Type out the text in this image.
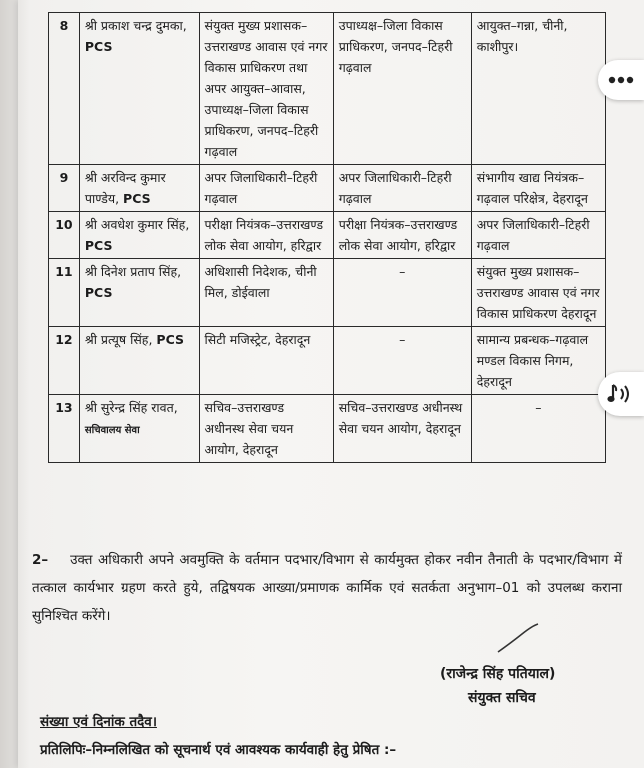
8	श्री प्रकाश चन्द्र दुमका, PCS	संयुक्त मुख्य प्रशासक–उत्तराखण्ड आवास एवं नगर विकास प्राधिकरण तथा अपर आयुक्त–आवास, उपाध्यक्ष–जिला विकास प्राधिकरण, जनपद–टिहरी गढ़वाल	उपाध्यक्ष–जिला विकास प्राधिकरण, जनपद–टिहरी गढ़वाल	आयुक्त–गन्ना, चीनी, काशीपुर।
9	श्री अरविन्द कुमार पाण्डेय, PCS	अपर जिलाधिकारी–टिहरी गढ़वाल	अपर जिलाधिकारी–टिहरी गढ़वाल	संभागीय खाद्य नियंत्रक–गढ़वाल परिक्षेत्र, देहरादून
10	श्री अवधेश कुमार सिंह, PCS	परीक्षा नियंत्रक–उत्तराखण्ड लोक सेवा आयोग, हरिद्वार	परीक्षा नियंत्रक–उत्तराखण्ड लोक सेवा आयोग, हरिद्वार	अपर जिलाधिकारी–टिहरी गढ़वाल
11	श्री दिनेश प्रताप सिंह, PCS	अधिशासी निदेशक, चीनी मिल, डोईवाला	–	संयुक्त मुख्य प्रशासक–उत्तराखण्ड आवास एवं नगर विकास प्राधिकरण देहरादून
12	श्री प्रत्यूष सिंह, PCS	सिटी मजिस्ट्रेट, देहरादून	–	सामान्य प्रबन्धक–गढ़वाल मण्डल विकास निगम, देहरादून
13	श्री सुरेन्द्र सिंह रावत, सचिवालय सेवा	सचिव–उत्तराखण्ड अधीनस्थ सेवा चयन आयोग, देहरादून	सचिव–उत्तराखण्ड अधीनस्थ सेवा चयन आयोग, देहरादून	–
2– उक्त अधिकारी अपने अवमुक्ति के वर्तमान पदभार/विभाग से कार्यमुक्त होकर नवीन तैनाती के पदभार/विभाग में तत्काल कार्यभार ग्रहण करते हुये, तद्विषयक आख्या/प्रमाणक कार्मिक एवं सतर्कता अनुभाग–01 को उपलब्ध कराना सुनिश्चित करेंगे।
(राजेन्द्र सिंह पतियाल)
संयुक्त सचिव
संख्या एवं दिनांक तदैव।
प्रतिलिपिः–निम्नलिखित को सूचनार्थ एवं आवश्यक कार्यवाही हेतु प्रेषित :–
